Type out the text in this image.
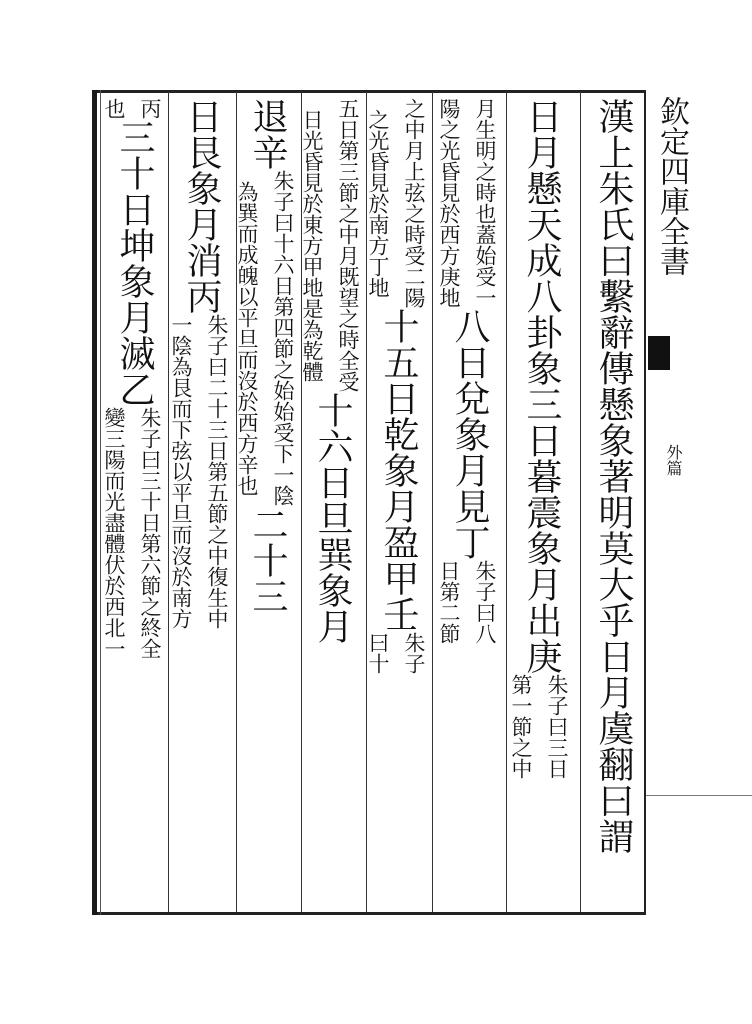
欽定四庫全書
外篇
漢上朱氏曰繫辭傳懸象著明莫大乎日月虞翻曰謂
日月懸天成八卦象三日暮震象月出庚
朱子曰三日
第一節之中
月生明之時也蓋始受一
陽之光昏見於西方庚地
八日兌象月見丁
朱子曰八
日第二節
之中月上弦之時受二陽
之光昏見於南方丁地
十五日乾象月盈甲壬
朱子
曰十
五日第三節之中月既望之時全受
日光昏見於東方甲地是為乾體
十六日旦巽象月
退辛
朱子曰十六日第四節之始始受下一陰
為巽而成魄以平旦而沒於西方辛也
二十三
日艮象月消丙
朱子曰二十三日第五節之中復生中
一陰為艮而下弦以平旦而沒於南方
丙
也
三十日坤象月滅乙
朱子曰三十日第六節之終全
變三陽而光盡體伏於西北一
